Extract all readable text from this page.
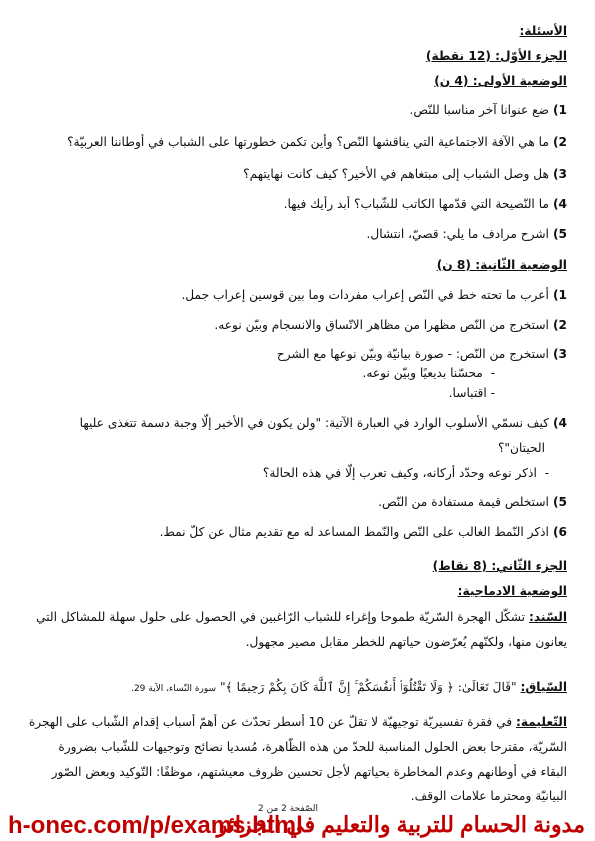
الأسئلة:
الجزء الأوّل: (12 نقطة)
الوضعية الأولى: (4 ن)
1)ضع عنوانا آخر مناسبا للنّص.
2)ما هي الآفة الاجتماعية التي يناقشها النّص؟ وأين تكمن خطورتها على الشباب في أوطاننا العربيّة؟
3)هل وصل الشباب إلى مبتغاهم في الأخير؟ كيف كانت نهايتهم؟
4)ما النّصيحة التي قدّمها الكاتب للشّباب؟ أبد رأيك فيها.
5)اشرح مرادف ما يلي: قصيّ، انتشال.
الوضعية الثّانية: (8 ن)
1)أعرب ما تحته خط في النّص إعراب مفردات وما بين قوسين إعراب جمل.
2)استخرج من النّص مظهرا من مظاهر الاتّساق والانسجام وبيّن نوعه.
3)استخرج من النّص: - صورة بيانيّة وبيّن نوعها مع الشرح
-  محسّنا بديعيًا وبيّن نوعه.
- اقتباسا.
4)كيف نسمّي الأسلوب الوارد في العبارة الآتية: "ولن يكون في الأخير إلّا وجبة دسمة تتغذى عليها
الحيتان"؟
-  اذكر نوعه وحدّد أركانه، وكيف تعرب إلّا في هذه الحالة؟
5)استخلص قيمة مستفادة من النّص.
6)اذكر النّمط الغالب على النّص والنّمط المساعد له مع تقديم مثال عن كلّ نمط.
الجزء الثّاني: (8 نقاط)
الوضعية الادماجية:
السّند: تشكّل الهجرة السّريّة طموحا وإغراء للشباب الرّاغبين في الحصول على حلول سهلة للمشاكل التي
يعانون منها، ولكنّهم يُعرّضون حياتهم للخطر مقابل مصير مجهول.
السّياق: "قَالَ تَعَالَىٰ: ﴿ وَلَا تَقْتُلُوٓا۟ أَنفُسَكُمْ ۚ إِنَّ ٱللَّهَ كَانَ بِكُمْ رَحِيمًا ﴾" سورة النّساء، الآية 29.
التّعليمة: في فقرة تفسيريّة توجيهيّة لا تقلّ عن 10 أسطر تحدّث عن أهمّ أسباب إقدام الشّباب على الهجرة
السّريّة، مقترحا بعض الحلول المناسبة للحدّ من هذه الظّاهرة، مُسديا نصائح وتوجيهات للشّباب بضرورة
البقاء في أوطانهم وعدم المخاطرة بحياتهم لأجل تحسين ظروف معيشتهم، موظفًا: التّوكيد وبعض الصّور
البيانيّة ومحترما علامات الوقف.
الصّفحة 2 من 2
h-onec.com/p/exams.html
مدونة الحسام للتربية والتعليم في الجزائر
